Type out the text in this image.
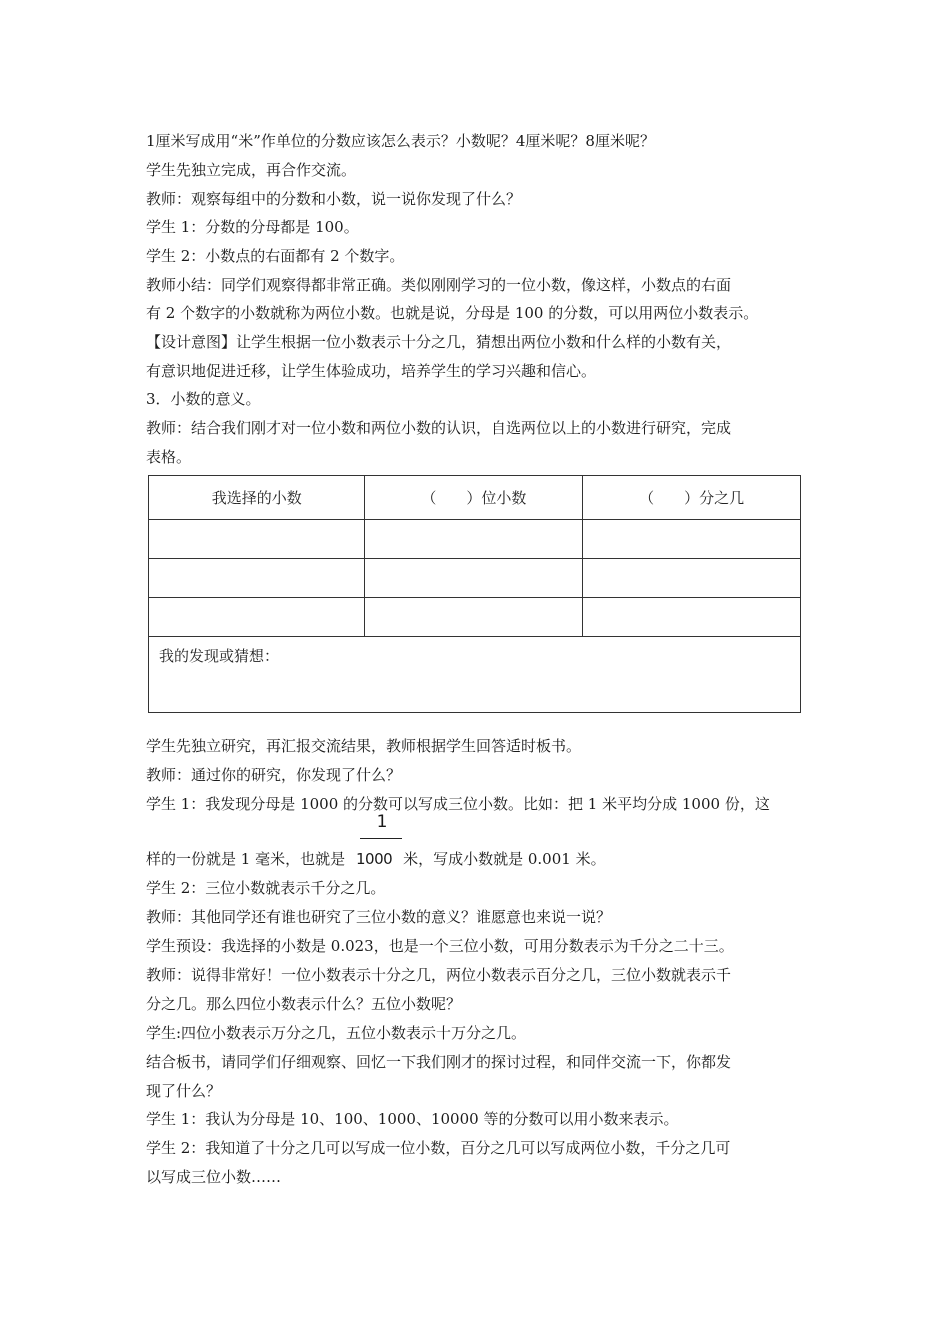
1厘米写成用“米”作单位的分数应该怎么表示？小数呢？4厘米呢？8厘米呢？
学生先独立完成，再合作交流。
教师：观察每组中的分数和小数，说一说你发现了什么？
学生 1：分数的分母都是 100。
学生 2：小数点的右面都有 2 个数字。
教师小结：同学们观察得都非常正确。类似刚刚学习的一位小数，像这样，小数点的右面
有 2 个数字的小数就称为两位小数。也就是说，分母是 100 的分数，可以用两位小数表示。
【设计意图】让学生根据一位小数表示十分之几，猜想出两位小数和什么样的小数有关，
有意识地促进迁移，让学生体验成功，培养学生的学习兴趣和信心。
3．小数的意义。
教师：结合我们刚才对一位小数和两位小数的认识，自选两位以上的小数进行研究，完成
表格。
我选择的小数	（　　）位小数	（　　）分之几

我的发现或猜想：		
学生先独立研究，再汇报交流结果，教师根据学生回答适时板书。
教师：通过你的研究，你发现了什么？
学生 1：我发现分母是 1000 的分数可以写成三位小数。比如：把 1 米平均分成 1000 份，这
1
样的一份就是 1 毫米，也就是 1000 米，写成小数就是 0.001 米。
学生 2：三位小数就表示千分之几。
教师：其他同学还有谁也研究了三位小数的意义？谁愿意也来说一说？
学生预设：我选择的小数是 0.023，也是一个三位小数，可用分数表示为千分之二十三。
教师：说得非常好！一位小数表示十分之几，两位小数表示百分之几，三位小数就表示千
分之几。那么四位小数表示什么？五位小数呢？
学生:四位小数表示万分之几，五位小数表示十万分之几。
结合板书，请同学们仔细观察、回忆一下我们刚才的探讨过程，和同伴交流一下，你都发
现了什么？
学生 1：我认为分母是 10、100、1000、10000 等的分数可以用小数来表示。
学生 2：我知道了十分之几可以写成一位小数，百分之几可以写成两位小数，千分之几可
以写成三位小数……
